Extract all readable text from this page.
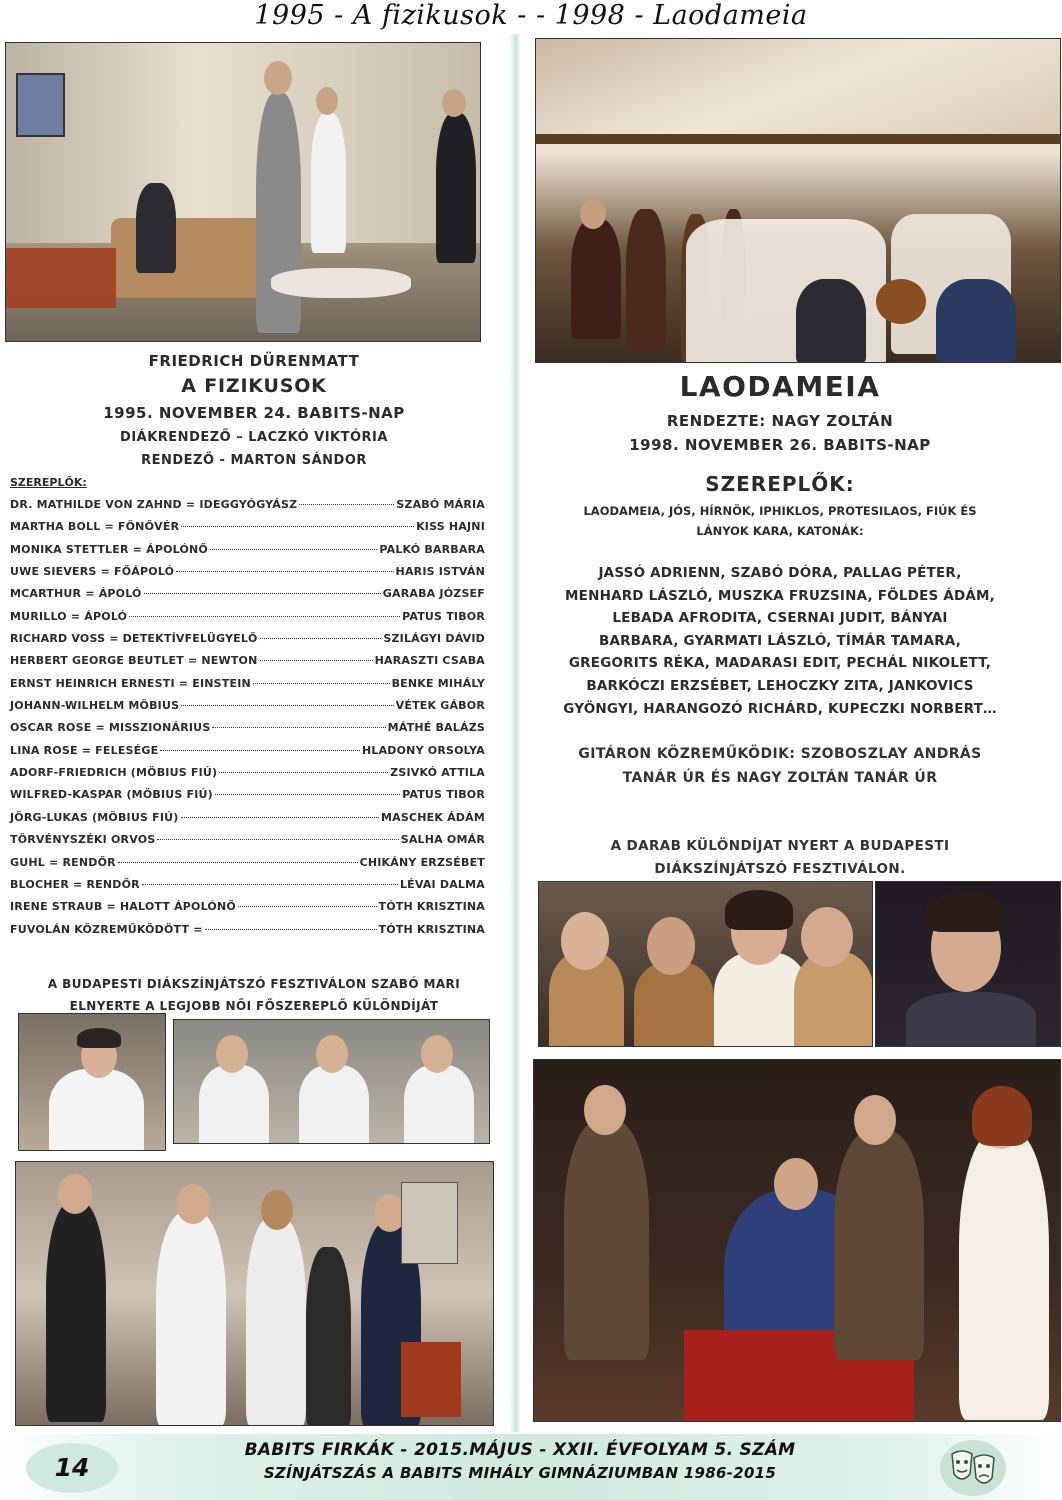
1995 - A fizikusok - - 1998 - Laodameia
FRIEDRICH DÜRENMATT
A FIZIKUSOK
1995. NOVEMBER 24. BABITS-NAP
DIÁKRENDEZŐ – LACZKÓ VIKTÓRIA
RENDEZŐ - MARTON SÁNDOR
SZEREPLŐK:
DR. MATHILDE VON ZAHND = IDEGGYÓGYÁSZ	SZABÓ MÁRIA
MARTHA BOLL = FŐNŐVÉR	KISS HAJNI
MONIKA STETTLER = ÁPOLÓNŐ	PALKÓ BARBARA
UWE SIEVERS = FŐÁPOLÓ	HARIS ISTVÁN
MCARTHUR = ÁPOLÓ	GARABA JÓZSEF
MURILLO = ÁPOLÓ	PATUS TIBOR
RICHARD VOSS = DETEKTÍVFELÜGYELŐ	SZILÁGYI DÁVID
HERBERT GEORGE BEUTLET = NEWTON	HARASZTI CSABA
ERNST HEINRICH ERNESTI = EINSTEIN	BENKE MIHÁLY
JOHANN-WILHELM MÖBIUS	VÉTEK GÁBOR
OSCAR ROSE = MISSZIONÁRIUS	MÁTHÉ BALÁZS
LINA ROSE = FELESÉGE	HLADONY ORSOLYA
ADORF-FRIEDRICH (MÖBIUS FIÚ)	ZSIVKÓ ATTILA
WILFRED-KASPAR (MÖBIUS FIÚ)	PATUS TIBOR
JÖRG-LUKAS (MÖBIUS FIÚ)	MASCHEK ÁDÁM
TÖRVÉNYSZÉKI ORVOS	SALHA OMÁR
GUHL = RENDŐR	CHIKÁNY ERZSÉBET
BLOCHER = RENDŐR	LÉVAI DALMA
IRENE STRAUB = HALOTT ÁPOLÓNŐ	TÓTH KRISZTINA
FUVOLÁN KÖZREMŰKÖDÖTT =	TÓTH KRISZTINA
A BUDAPESTI DIÁKSZÍNJÁTSZÓ FESZTIVÁLON SZABÓ MARI
ELNYERTE A LEGJOBB NŐI FŐSZEREPLŐ KÜLÖNDÍJÁT
LAODAMEIA
RENDEZTE: NAGY ZOLTÁN
1998. NOVEMBER 26. BABITS-NAP
SZEREPLŐK:
LAODAMEIA, JÓS, HÍRNÖK, IPHIKLOS, PROTESILAOS, FIÚK ÉS
LÁNYOK KARA, KATONÁK:
JASSÓ ADRIENN, SZABÓ DÓRA, PALLAG PÉTER,
MENHARD LÁSZLÓ, MUSZKA FRUZSINA, FÖLDES ÁDÁM,
LEBADA AFRODITA, CSERNAI JUDIT, BÁNYAI
BARBARA, GYARMATI LÁSZLÓ, TÍMÁR TAMARA,
GREGORITS RÉKA, MADARASI EDIT, PECHÁL NIKOLETT,
BARKÓCZI ERZSÉBET, LEHOCZKY ZITA, JANKOVICS
GYÖNGYI, HARANGOZÓ RICHÁRD, KUPECZKI NORBERT…
GITÁRON KÖZREMŰKÖDIK: SZOBOSZLAY ANDRÁS
TANÁR ÚR ÉS NAGY ZOLTÁN TANÁR ÚR
A DARAB KÜLÖNDÍJAT NYERT A BUDAPESTI
DIÁKSZÍNJÁTSZÓ FESZTIVÁLON.
14
BABITS FIRKÁK - 2015.MÁJUS - XXII. ÉVFOLYAM 5. SZÁM
SZÍNJÁTSZÁS A BABITS MIHÁLY GIMNÁZIUMBAN 1986-2015
